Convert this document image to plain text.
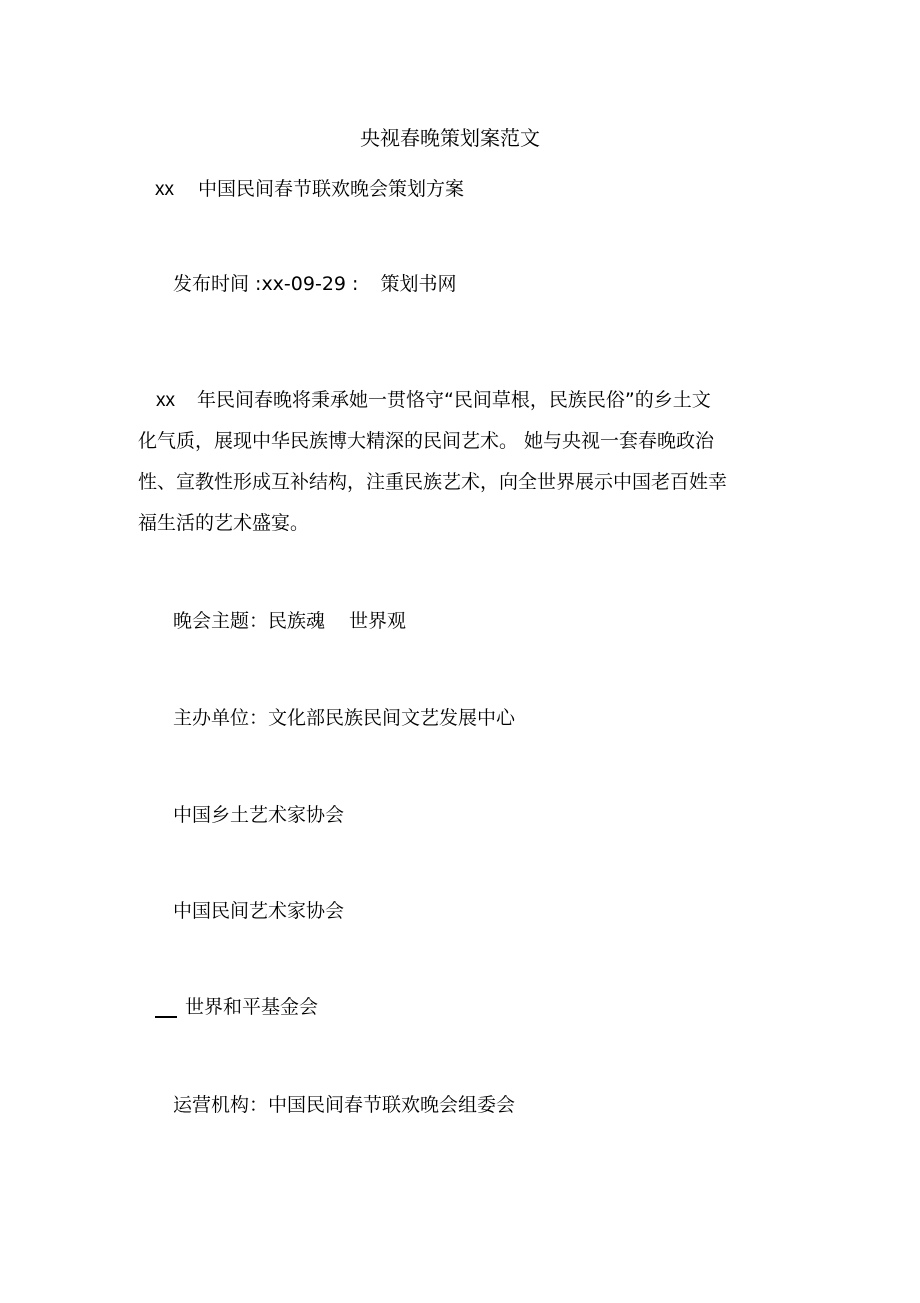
央视春晚策划案范文
xx 中国民间春节联欢晚会策划方案
发布时间 :xx-09-29 : 策划书网
xx 年民间春晚将秉承她一贯恪守“民间草根，民族民俗”的乡土文
化气质，展现中华民族博大精深的民间艺术。 她与央视一套春晚政治
性、宣教性形成互补结构，注重民族艺术，向全世界展示中国老百姓幸
福生活的艺术盛宴。
晚会主题：民族魂 世界观
主办单位：文化部民族民间文艺发展中心
中国乡土艺术家协会
中国民间艺术家协会
世界和平基金会
运营机构：中国民间春节联欢晚会组委会
